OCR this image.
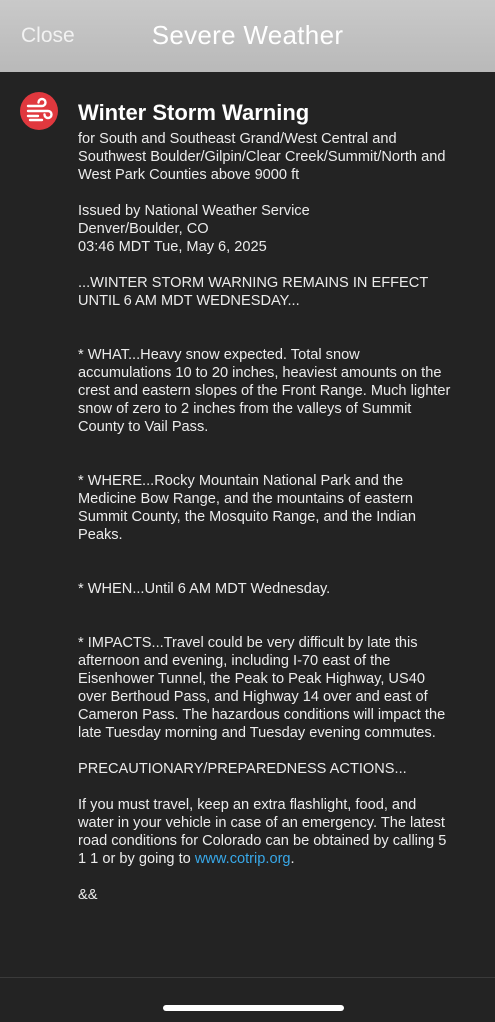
Close	Severe Weather
Winter Storm Warning

for South and Southeast Grand/West Central and
Southwest Boulder/Gilpin/Clear Creek/Summit/North and
West Park Counties above 9000 ft

Issued by National Weather Service
Denver/Boulder, CO
03:46 MDT Tue, May 6, 2025

...WINTER STORM WARNING REMAINS IN EFFECT
UNTIL 6 AM MDT WEDNESDAY...

* WHAT...Heavy snow expected. Total snow
accumulations 10 to 20 inches, heaviest amounts on the
crest and eastern slopes of the Front Range. Much lighter
snow of zero to 2 inches from the valleys of Summit
County to Vail Pass.

* WHERE...Rocky Mountain National Park and the
Medicine Bow Range, and the mountains of eastern
Summit County, the Mosquito Range, and the Indian
Peaks.

* WHEN...Until 6 AM MDT Wednesday.

* IMPACTS...Travel could be very difficult by late this
afternoon and evening, including I-70 east of the
Eisenhower Tunnel, the Peak to Peak Highway, US40
over Berthoud Pass, and Highway 14 over and east of
Cameron Pass. The hazardous conditions will impact the
late Tuesday morning and Tuesday evening commutes.

PRECAUTIONARY/PREPAREDNESS ACTIONS...

If you must travel, keep an extra flashlight, food, and
water in your vehicle in case of an emergency. The latest
road conditions for Colorado can be obtained by calling 5
1 1 or by going to www.cotrip.org.

&&
